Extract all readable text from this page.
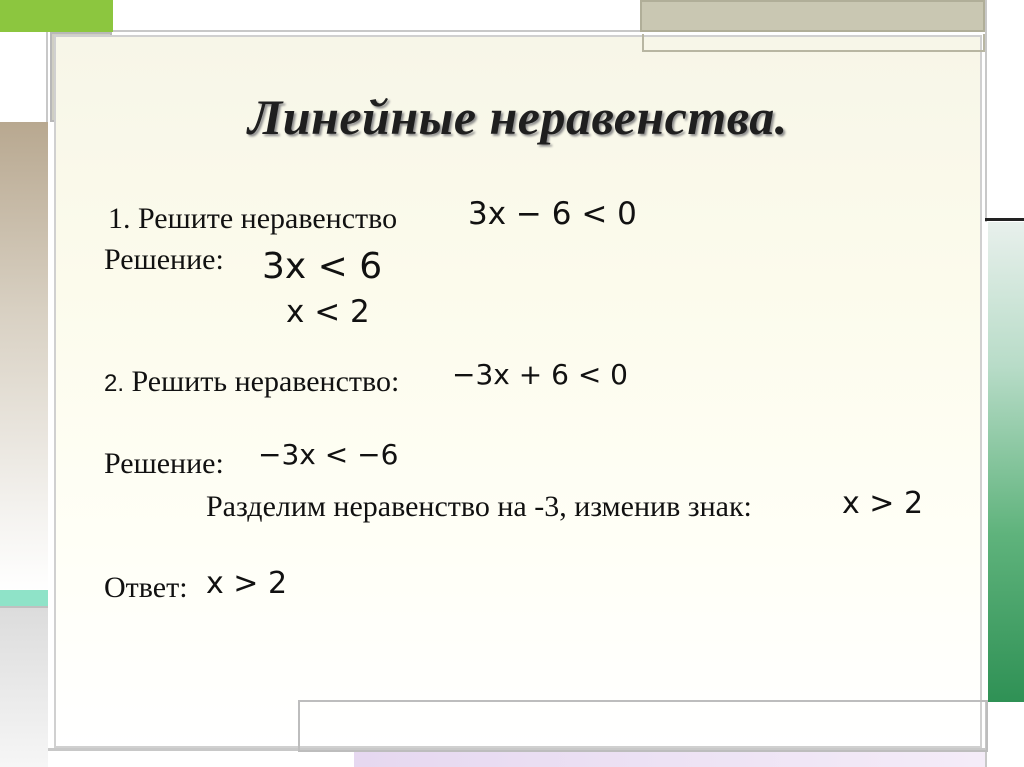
Линейные неравенства.
1. Решите неравенство 3x − 6 < 0
Решение: 3x < 6
x < 2
2. Решить неравенство: −3x + 6 < 0
Решение: −3x < −6
Разделим неравенство на -3, изменив знак:	x > 2
Ответ: x > 2
